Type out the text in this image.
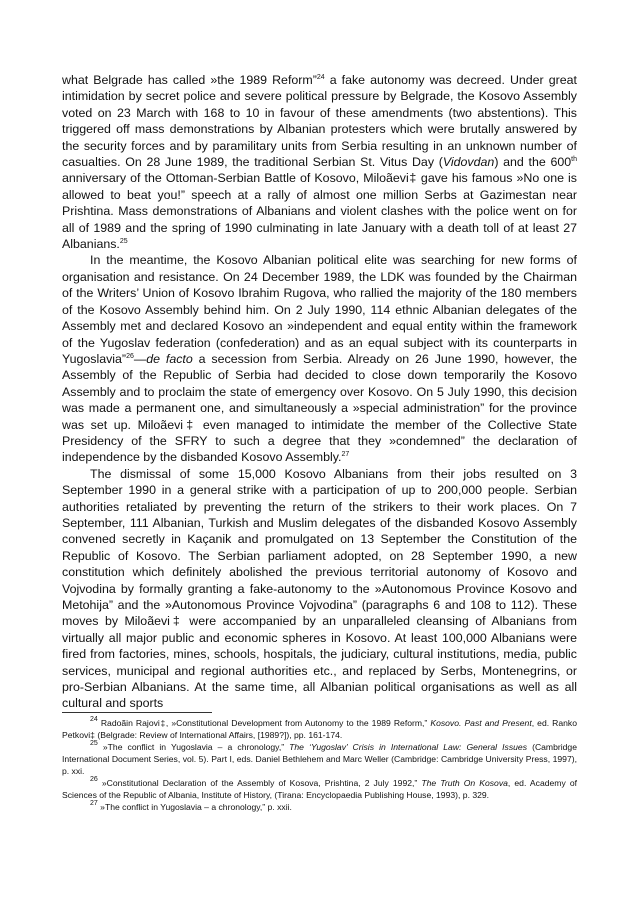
what Belgrade has called »the 1989 Reform”$^{24}$ a fake autonomy was decreed. Under great intimidation by secret police and severe political pressure by Belgrade, the Kosovo Assembly voted on 23 March with 168 to 10 in favour of these amendments (two abstentions). This triggered off mass demonstrations by Albanian protesters which were brutally answered by the security forces and by paramilitary units from Serbia resulting in an unknown number of casualties. On 28 June 1989, the traditional Serbian St. Vitus Day (Vidovdan) and the 600th anniversary of the Ottoman-Serbian Battle of Kosovo, Miloãevi‡ gave his famous »No one is allowed to beat you!” speech at a rally of almost one million Serbs at Gazimestan near Prishtina. Mass demonstrations of Albanians and violent clashes with the police went on for all of 1989 and the spring of 1990 culminating in late January with a death toll of at least 27 Albanians.$^{25}$

In the meantime, the Kosovo Albanian political elite was searching for new forms of organisation and resistance. On 24 December 1989, the LDK was founded by the Chairman of the Writers’ Union of Kosovo Ibrahim Rugova, who rallied the majority of the 180 members of the Kosovo Assembly behind him. On 2 July 1990, 114 ethnic Albanian delegates of the Assembly met and declared Kosovo an »independent and equal entity within the framework of the Yugoslav federation (confederation) and as an equal subject with its counterparts in Yugoslavia”$^{26}$—de facto a secession from Serbia. Already on 26 June 1990, however, the Assembly of the Republic of Serbia had decided to close down temporarily the Kosovo Assembly and to proclaim the state of emergency over Kosovo. On 5 July 1990, this decision was made a permanent one, and simultaneously a »special administration” for the province was set up. Miloãevi‡ even managed to intimidate the member of the Collective State Presidency of the SFRY to such a degree that they »condemned” the declaration of independence by the disbanded Kosovo Assembly.$^{27}$

The dismissal of some 15,000 Kosovo Albanians from their jobs resulted on 3 September 1990 in a general strike with a participation of up to 200,000 people. Serbian authorities retaliated by preventing the return of the strikers to their work places. On 7 September, 111 Albanian, Turkish and Muslim delegates of the disbanded Kosovo Assembly convened secretly in Kaçanik and promulgated on 13 September the Constitution of the Republic of Kosovo. The Serbian parliament adopted, on 28 September 1990, a new constitution which definitely abolished the previous territorial autonomy of Kosovo and Vojvodina by formally granting a fake-autonomy to the »Autonomous Province Kosovo and Metohija” and the »Autonomous Province Vojvodina” (paragraphs 6 and 108 to 112). These moves by Miloãevi‡ were accompanied by an unparalleled cleansing of Albanians from virtually all major public and economic spheres in Kosovo. At least 100,000 Albanians were fired from factories, mines, schools, hospitals, the judiciary, cultural institutions, media, public services, municipal and regional authorities etc., and replaced by Serbs, Montenegrins, or pro-Serbian Albanians. At the same time, all Albanian political organisations as well as all cultural and sports

$^{24}$ Radoãin Rajovi‡, »Constitutional Development from Autonomy to the 1989 Reform,” Kosovo. Past and Present, ed. Ranko Petkovi‡ (Belgrade: Review of International Affairs, [1989?]), pp. 161-174.

$^{25}$ »The conflict in Yugoslavia – a chronology,” The ‘Yugoslav’ Crisis in International Law: General Issues (Cambridge International Document Series, vol. 5). Part I, eds. Daniel Bethlehem and Marc Weller (Cambridge: Cambridge University Press, 1997), p. xxi.

$^{26}$ »Constitutional Declaration of the Assembly of Kosova, Prishtina, 2 July 1992,” The Truth On Kosova, ed. Academy of Sciences of the Republic of Albania, Institute of History, (Tirana: Encyclopaedia Publishing House, 1993), p. 329.

$^{27}$ »The conflict in Yugoslavia – a chronology,” p. xxii.
